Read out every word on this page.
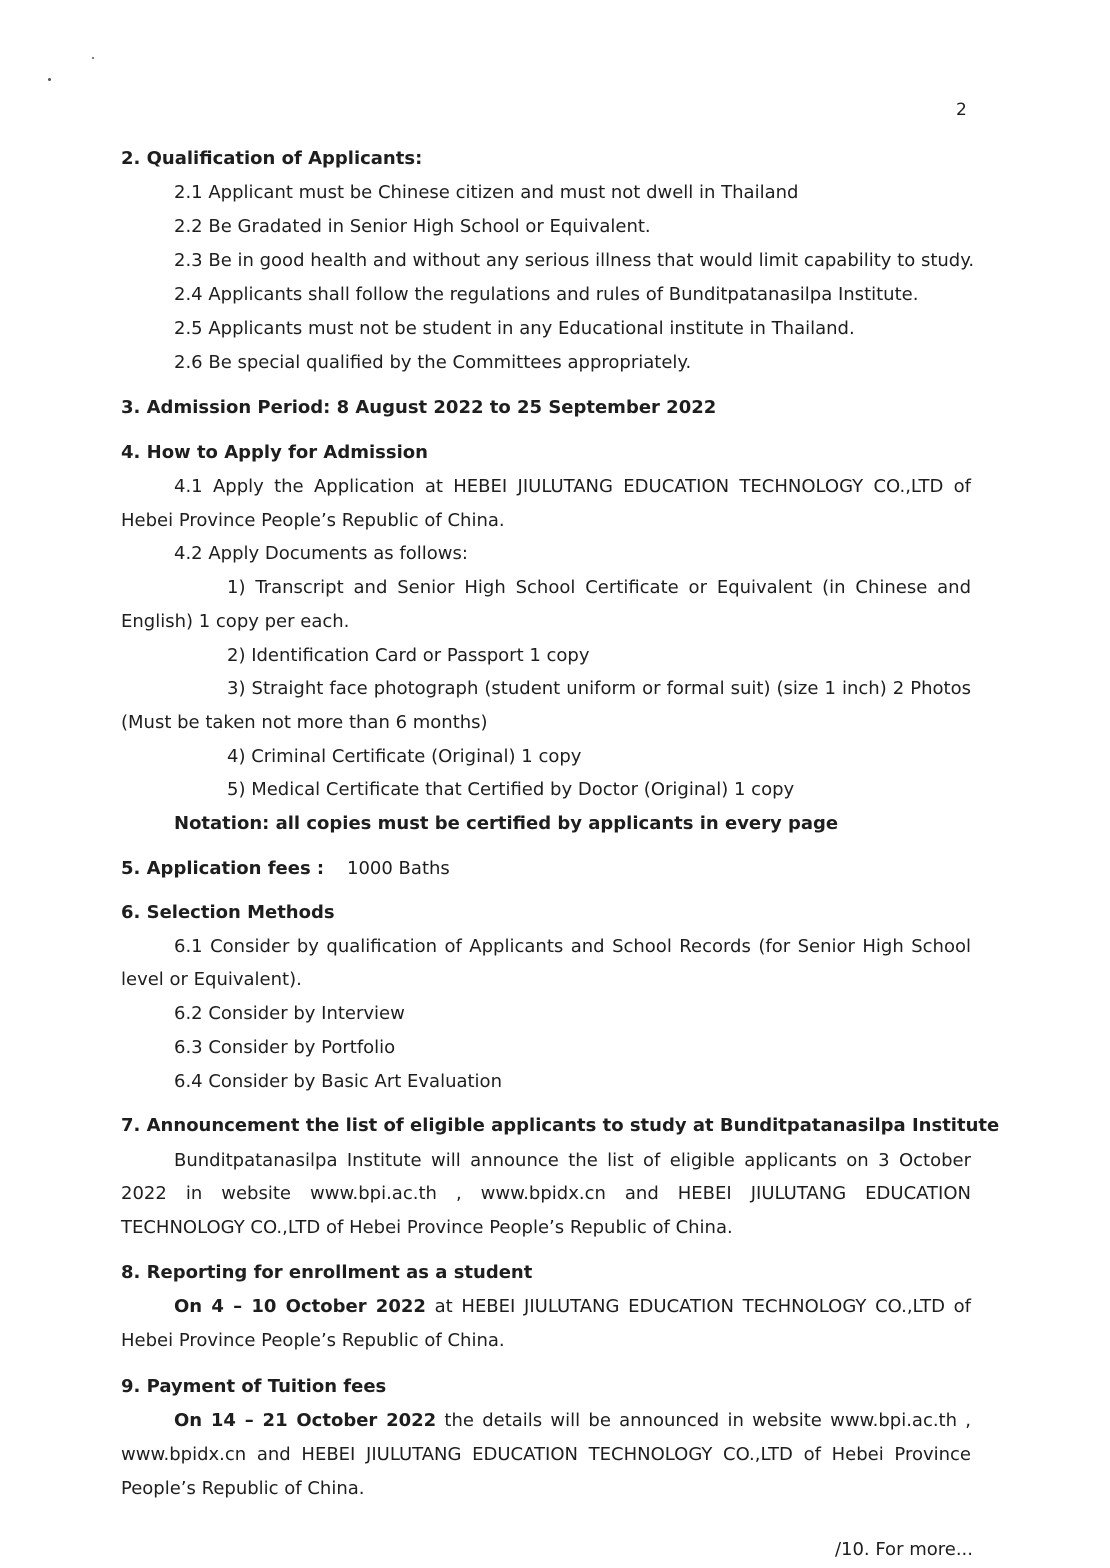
2
2. Qualification of Applicants:
2.1 Applicant must be Chinese citizen and must not dwell in Thailand
2.2 Be Gradated in Senior High School or Equivalent.
2.3 Be in good health and without any serious illness that would limit capability to study.
2.4 Applicants shall follow the regulations and rules of Bunditpatanasilpa Institute.
2.5 Applicants must not be student in any Educational institute in Thailand.
2.6 Be special qualified by the Committees appropriately.
3. Admission Period: 8 August 2022 to 25 September 2022
4. How to Apply for Admission
4.1 Apply the Application at HEBEI JIULUTANG EDUCATION TECHNOLOGY CO.,LTD of
Hebei Province People’s Republic of China.
4.2 Apply Documents as follows:
1) Transcript and Senior High School Certificate or Equivalent (in Chinese and
English) 1 copy per each.
2) Identification Card or Passport 1 copy
3) Straight face photograph (student uniform or formal suit) (size 1 inch) 2 Photos
(Must be taken not more than 6 months)
4) Criminal Certificate (Original) 1 copy
5) Medical Certificate that Certified by Doctor (Original) 1 copy
Notation: all copies must be certified by applicants in every page
5. Application fees : 1000 Baths
6. Selection Methods
6.1 Consider by qualification of Applicants and School Records (for Senior High School
level or Equivalent).
6.2 Consider by Interview
6.3 Consider by Portfolio
6.4 Consider by Basic Art Evaluation
7. Announcement the list of eligible applicants to study at Bunditpatanasilpa Institute
Bunditpatanasilpa Institute will announce the list of eligible applicants on 3 October
2022 in website www.bpi.ac.th , www.bpidx.cn and HEBEI JIULUTANG EDUCATION
TECHNOLOGY CO.,LTD of Hebei Province People’s Republic of China.
8. Reporting for enrollment as a student
On 4 – 10 October 2022 at HEBEI JIULUTANG EDUCATION TECHNOLOGY CO.,LTD of
Hebei Province People’s Republic of China.
9. Payment of Tuition fees
On 14 – 21 October 2022 the details will be announced in website www.bpi.ac.th ,
www.bpidx.cn and HEBEI JIULUTANG EDUCATION TECHNOLOGY CO.,LTD of Hebei Province
People’s Republic of China.
/10. For more...
